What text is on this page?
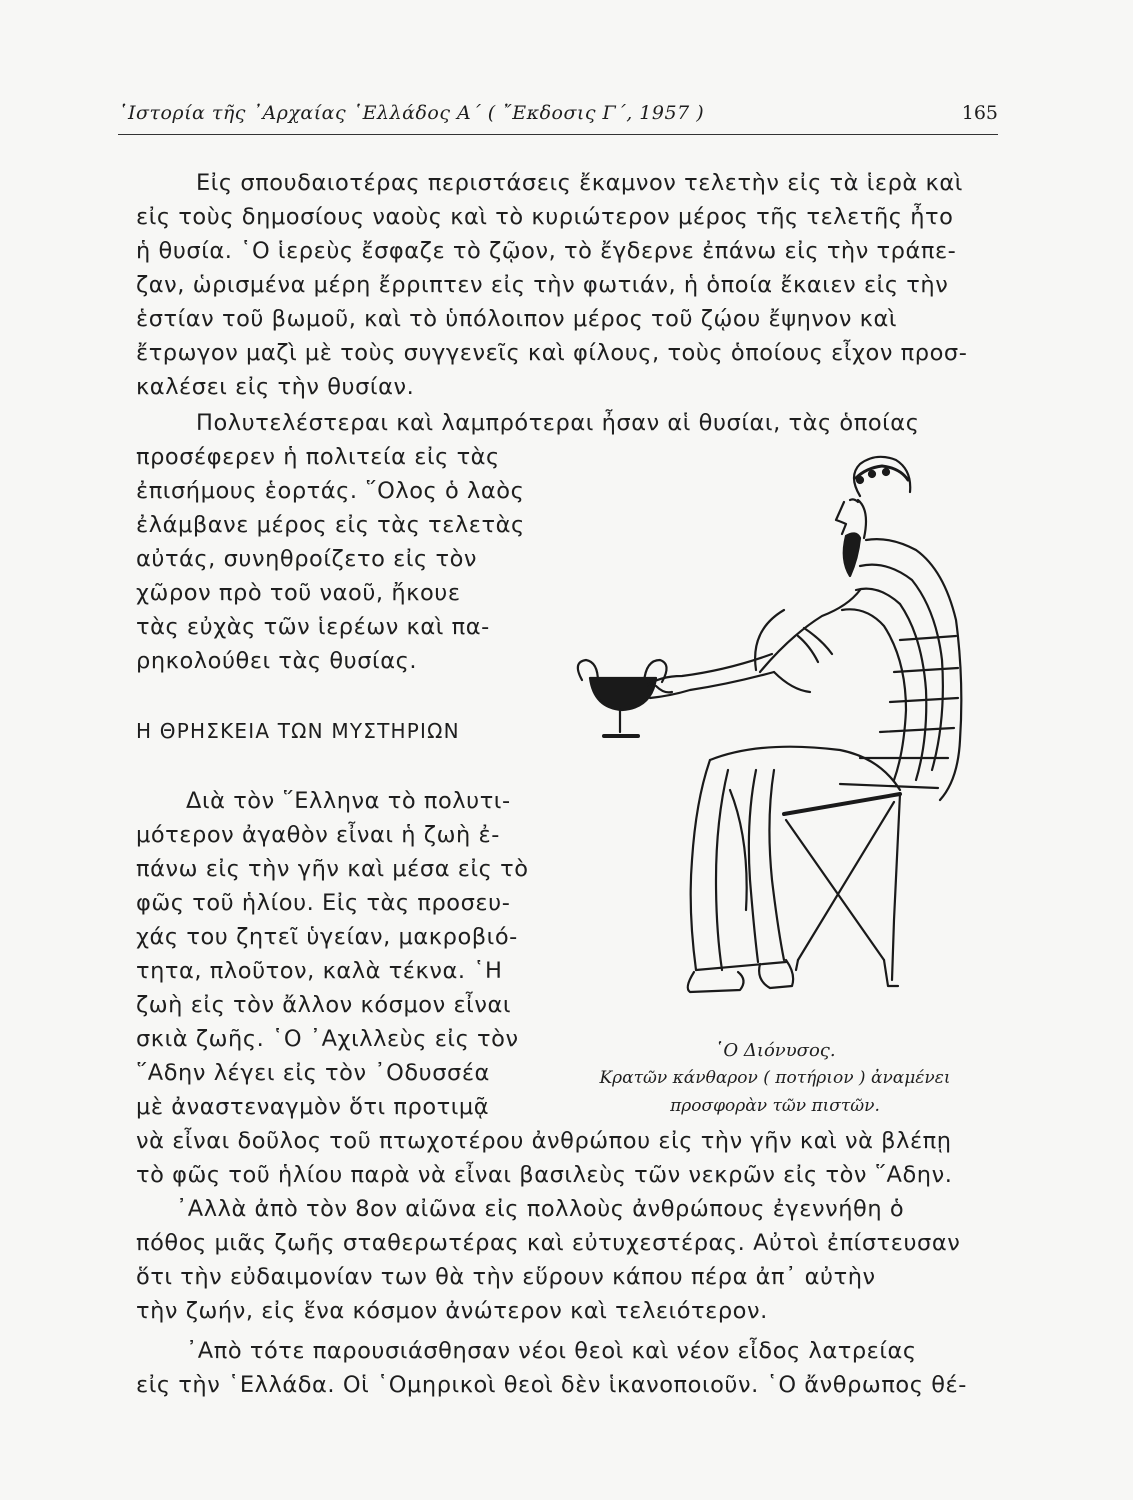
῾Ιστορία τῆς ᾿Αρχαίας ῾Ελλάδος Α΄ ( ῎Εκδοσις Γ΄, 1957 )	165
Εἰς σπουδαιοτέρας περιστάσεις ἔκαμνον τελετὴν εἰς τὰ ἱερὰ καὶ
εἰς τοὺς δημοσίους ναοὺς καὶ τὸ κυριώτερον μέρος τῆς τελετῆς ἦτο
ἡ θυσία. ῾Ο ἱερεὺς ἔσφαζε τὸ ζῷον, τὸ ἔγδερνε ἐπάνω εἰς τὴν τράπε-
ζαν, ὡρισμένα μέρη ἔρριπτεν εἰς τὴν φωτιάν, ἡ ὁποία ἔκαιεν εἰς τὴν
ἑστίαν τοῦ βωμοῦ, καὶ τὸ ὑπόλοιπον μέρος τοῦ ζῴου ἔψηνον καὶ
ἔτρωγον μαζὶ μὲ τοὺς συγγενεῖς καὶ φίλους, τοὺς ὁποίους εἶχον προσ-
καλέσει εἰς τὴν θυσίαν.
Πολυτελέστεραι καὶ λαμπρότεραι ἦσαν αἱ θυσίαι, τὰς ὁποίας
προσέφερεν ἡ πολιτεία εἰς τὰς
ἐπισήμους ἑορτάς. ῞Ολος ὁ λαὸς
ἐλάμβανε μέρος εἰς τὰς τελετὰς
αὐτάς, συνηθροίζετο εἰς τὸν
χῶρον πρὸ τοῦ ναοῦ, ἤκουε
τὰς εὐχὰς τῶν ἱερέων καὶ πα-
ρηκολούθει τὰς θυσίας.
Η ΘΡΗΣΚΕΙΑ ΤΩΝ ΜΥΣΤΗΡΙΩΝ
Διὰ τὸν ῞Ελληνα τὸ πολυτι-
μότερον ἀγαθὸν εἶναι ἡ ζωὴ ἐ-
πάνω εἰς τὴν γῆν καὶ μέσα εἰς τὸ
φῶς τοῦ ἡλίου. Εἰς τὰς προσευ-
χάς του ζητεῖ ὑγείαν, μακροβιό-
τητα, πλοῦτον, καλὰ τέκνα. ῾Η
ζωὴ εἰς τὸν ἄλλον κόσμον εἶναι
σκιὰ ζωῆς. ῾Ο ᾿Αχιλλεὺς εἰς τὸν
῞Αδην λέγει εἰς τὸν ᾿Οδυσσέα
μὲ ἀναστεναγμὸν ὅτι προτιμᾷ
νὰ εἶναι δοῦλος τοῦ πτωχοτέρου ἀνθρώπου εἰς τὴν γῆν καὶ νὰ βλέπῃ
τὸ φῶς τοῦ ἡλίου παρὰ νὰ εἶναι βασιλεὺς τῶν νεκρῶν εἰς τὸν ῞Αδην.
᾿Αλλὰ ἀπὸ τὸν 8ον αἰῶνα εἰς πολλοὺς ἀνθρώπους ἐγεννήθη ὁ
πόθος μιᾶς ζωῆς σταθερωτέρας καὶ εὐτυχεστέρας. Αὐτοὶ ἐπίστευσαν
ὅτι τὴν εὐδαιμονίαν των θὰ τὴν εὕρουν κάπου πέρα ἀπ᾿ αὐτὴν
τὴν ζωήν, εἰς ἕνα κόσμον ἀνώτερον καὶ τελειότερον.
᾿Απὸ τότε παρουσιάσθησαν νέοι θεοὶ καὶ νέον εἶδος λατρείας
εἰς τὴν ῾Ελλάδα. Οἱ ῾Ομηρικοὶ θεοὶ δὲν ἱκανοποιοῦν. ῾Ο ἄνθρωπος θέ-
῾Ο Διόνυσος.
Κρατῶν κάνθαρον ( ποτήριον ) ἀναμένει
προσφορὰν τῶν πιστῶν.
